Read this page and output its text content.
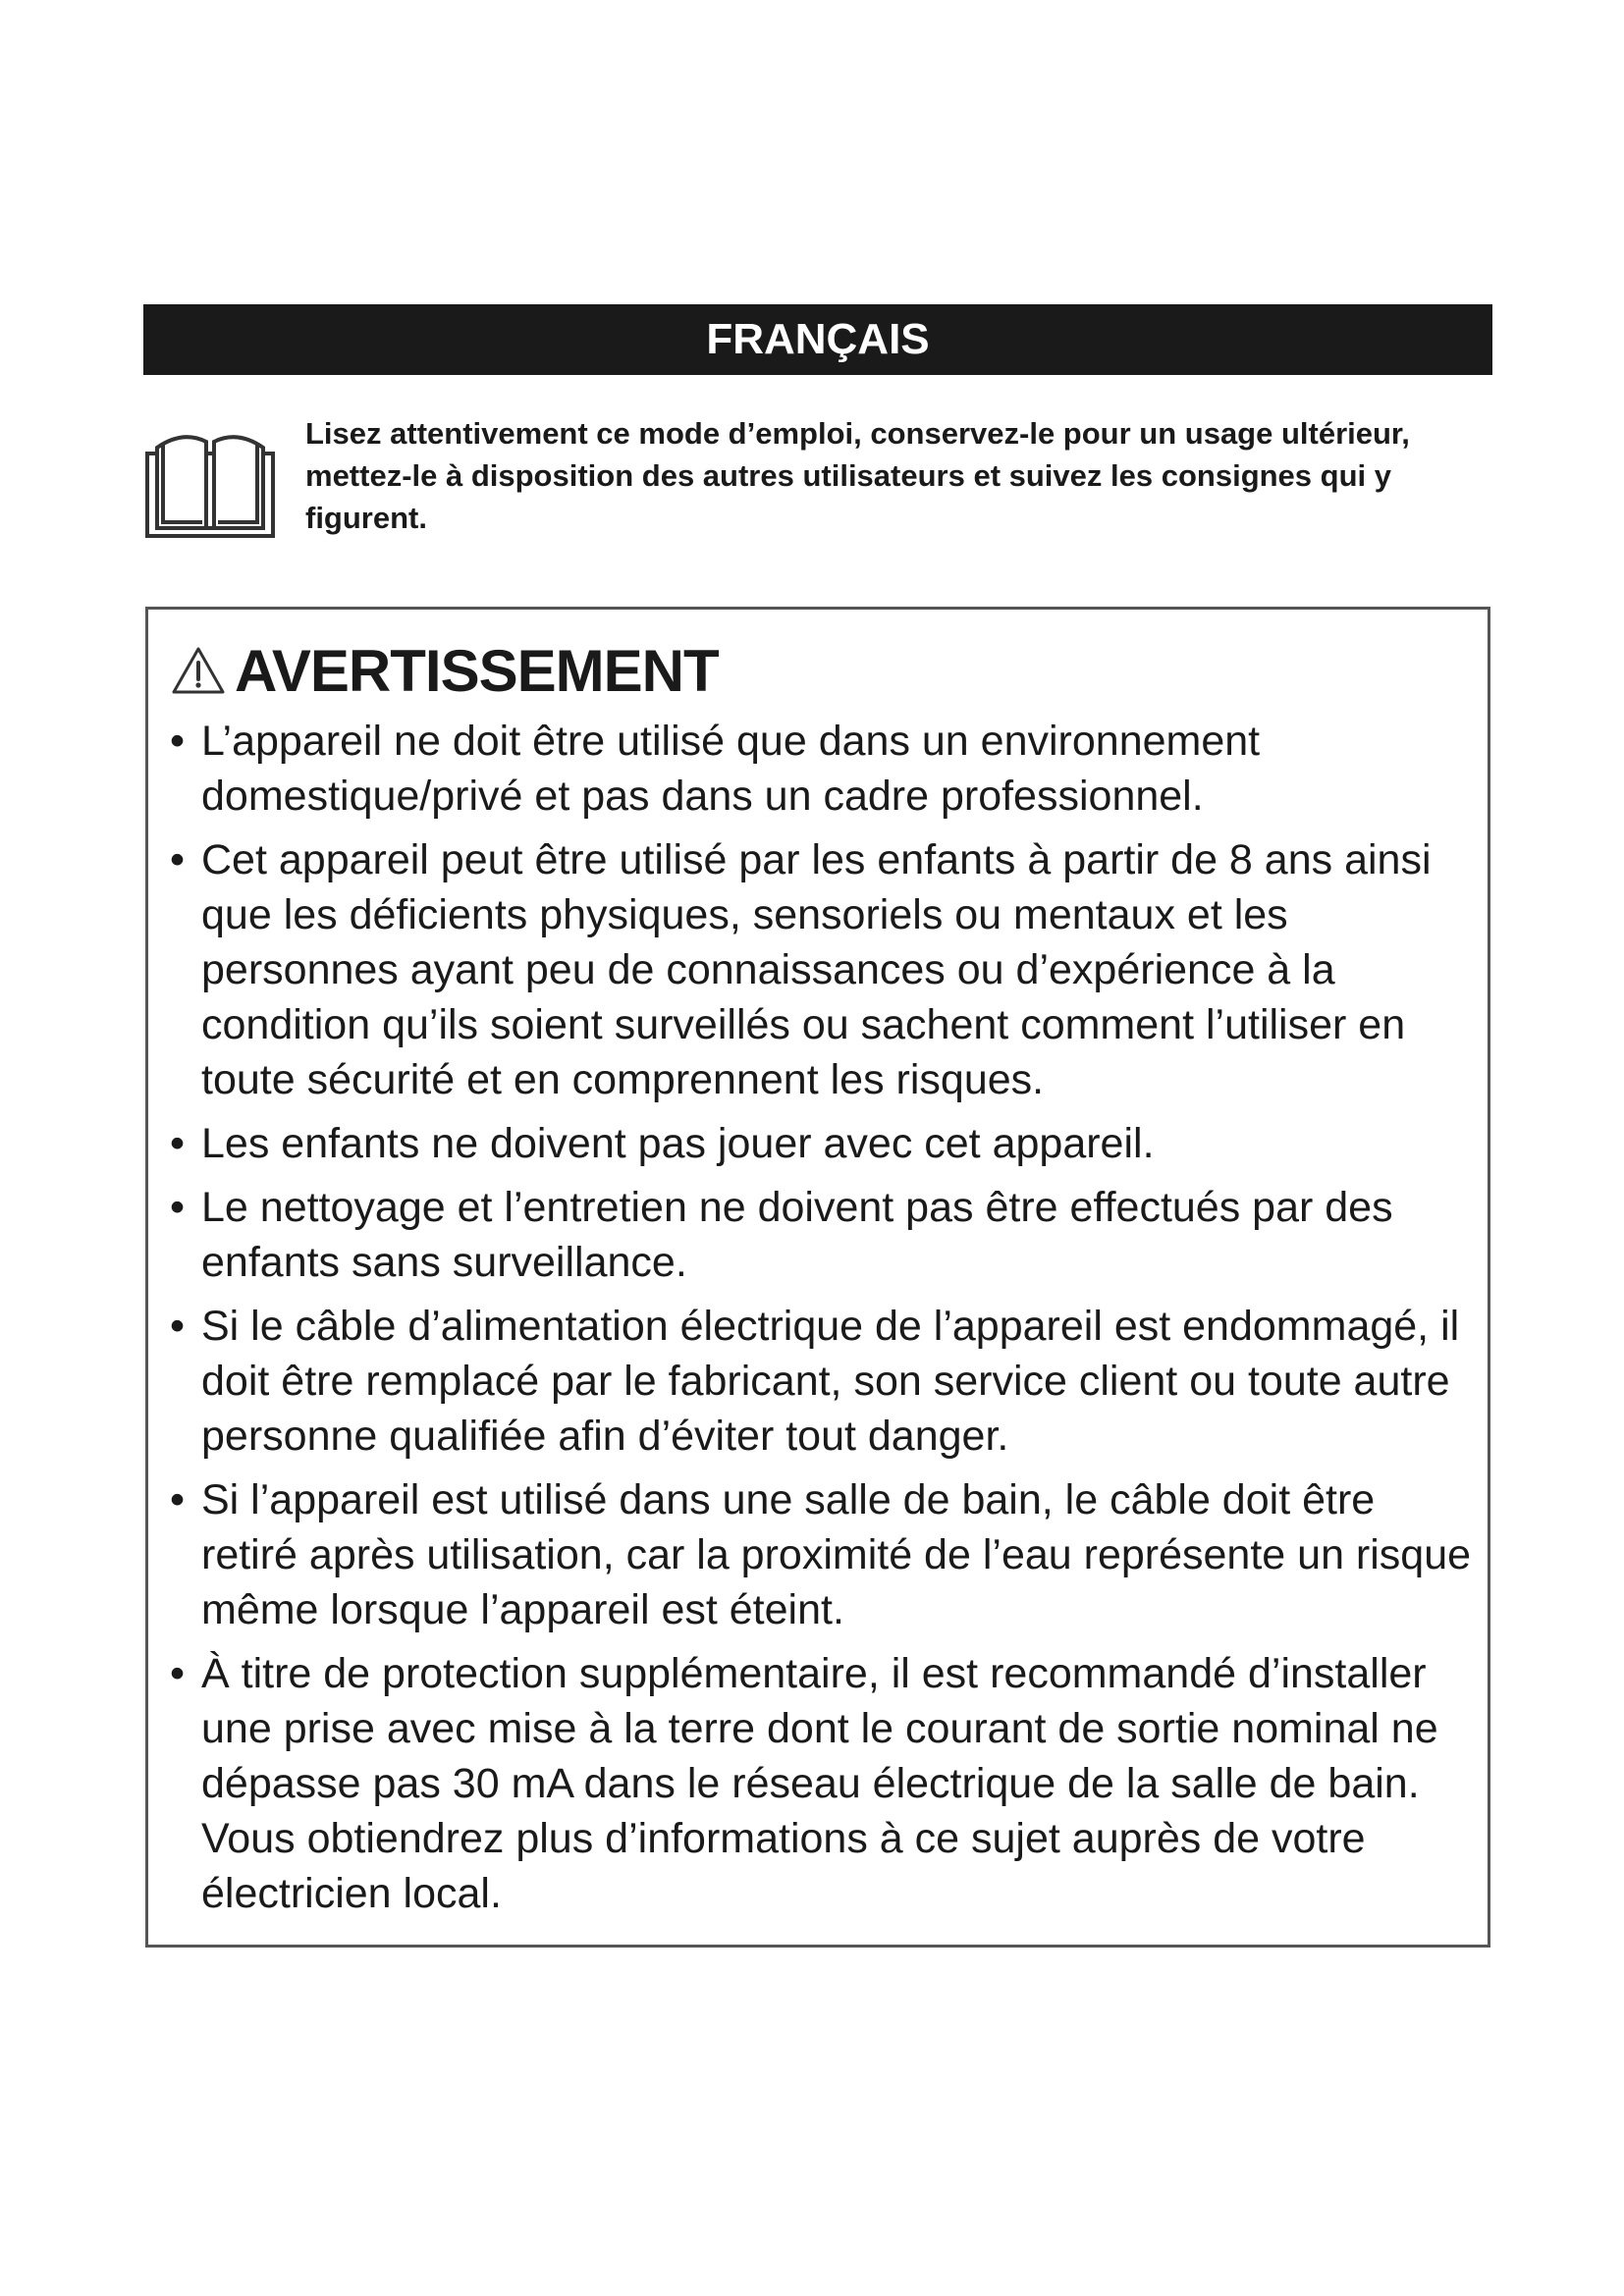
FRANÇAIS
Lisez attentivement ce mode d’emploi, conservez-le pour un usage ultérieur, mettez-le à disposition des autres utilisateurs et suivez les consignes qui y figurent.
AVERTISSEMENT
• L’appareil ne doit être utilisé que dans un environnement domestique/privé et pas dans un cadre professionnel.
• Cet appareil peut être utilisé par les enfants à partir de 8 ans ainsi que les déficients physiques, sensoriels ou mentaux et les personnes ayant peu de connaissances ou d’expérience à la condition qu’ils soient surveillés ou sachent comment l’utiliser en toute sécurité et en comprennent les risques.
• Les enfants ne doivent pas jouer avec cet appareil.
• Le nettoyage et l’entretien ne doivent pas être effectués par des enfants sans surveillance.
• Si le câble d’alimentation électrique de l’appareil est endommagé, il doit être remplacé par le fabricant, son service client ou toute autre personne qualifiée afin d’éviter tout danger.
• Si l’appareil est utilisé dans une salle de bain, le câble doit être retiré après utilisation, car la proximité de l’eau représente un risque même lorsque l’appareil est éteint.
• À titre de protection supplémentaire, il est recommandé d’installer une prise avec mise à la terre dont le courant de sortie nominal ne dépasse pas 30 mA dans le réseau électrique de la salle de bain. Vous obtiendrez plus d’informations à ce sujet auprès de votre électricien local.
